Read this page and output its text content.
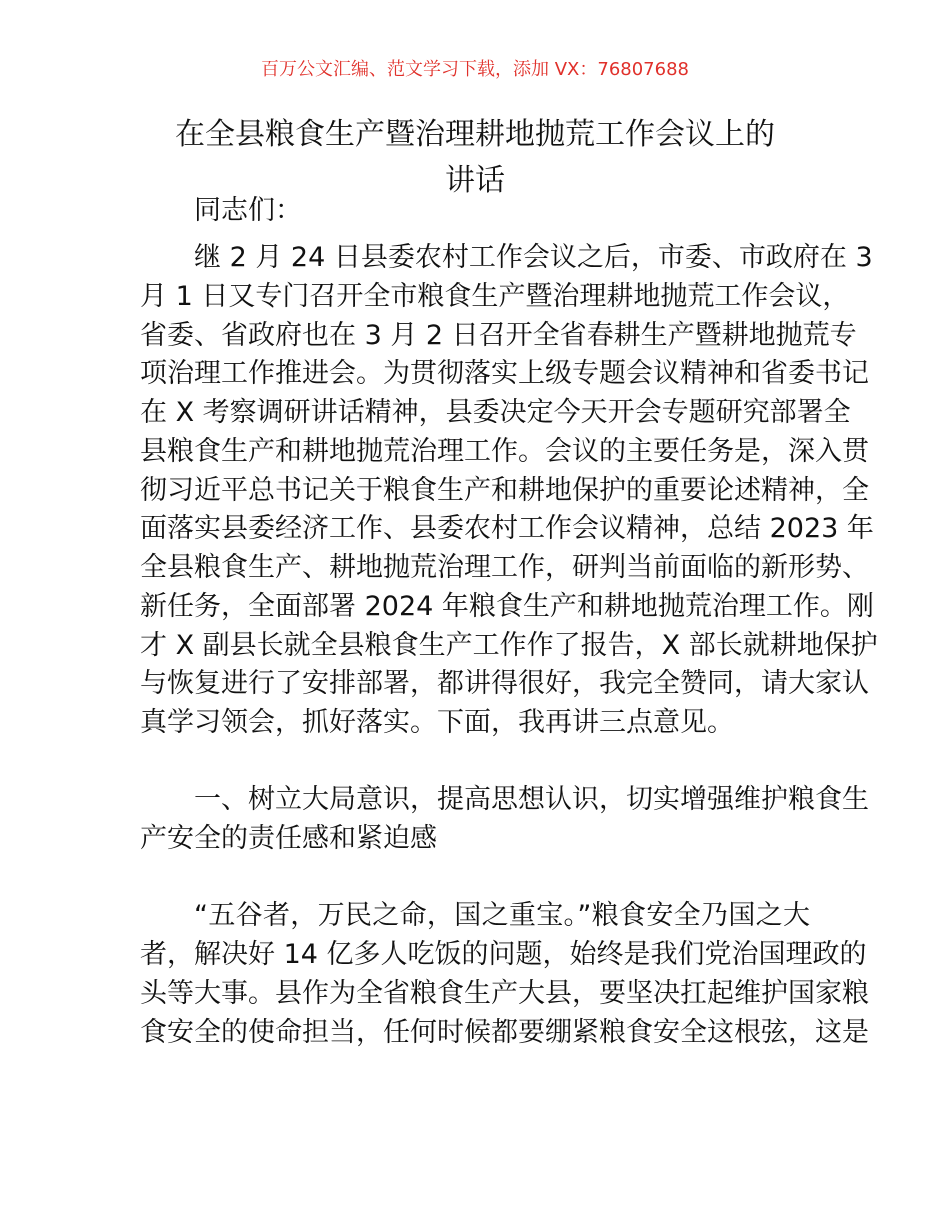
百万公文汇编、范文学习下载，添加 VX：76807688
在全县粮食生产暨治理耕地抛荒工作会议上的
讲话
同志们：
继 2 月 24 日县委农村工作会议之后，市委、市政府在 3
月 1 日又专门召开全市粮食生产暨治理耕地抛荒工作会议，
省委、省政府也在 3 月 2 日召开全省春耕生产暨耕地抛荒专
项治理工作推进会。为贯彻落实上级专题会议精神和省委书记
在 X 考察调研讲话精神，县委决定今天开会专题研究部署全
县粮食生产和耕地抛荒治理工作。会议的主要任务是，深入贯
彻习近平总书记关于粮食生产和耕地保护的重要论述精神，全
面落实县委经济工作、县委农村工作会议精神，总结 2023 年
全县粮食生产、耕地抛荒治理工作，研判当前面临的新形势、
新任务，全面部署 2024 年粮食生产和耕地抛荒治理工作。刚
才 X 副县长就全县粮食生产工作作了报告，X 部长就耕地保护
与恢复进行了安排部署，都讲得很好，我完全赞同，请大家认
真学习领会，抓好落实。下面，我再讲三点意见。
一、树立大局意识，提高思想认识，切实增强维护粮食生
产安全的责任感和紧迫感
“五谷者，万民之命，国之重宝。”粮食安全乃国之大
者，解决好 14 亿多人吃饭的问题，始终是我们党治国理政的
头等大事。县作为全省粮食生产大县，要坚决扛起维护国家粮
食安全的使命担当，任何时候都要绷紧粮食安全这根弦，这是
